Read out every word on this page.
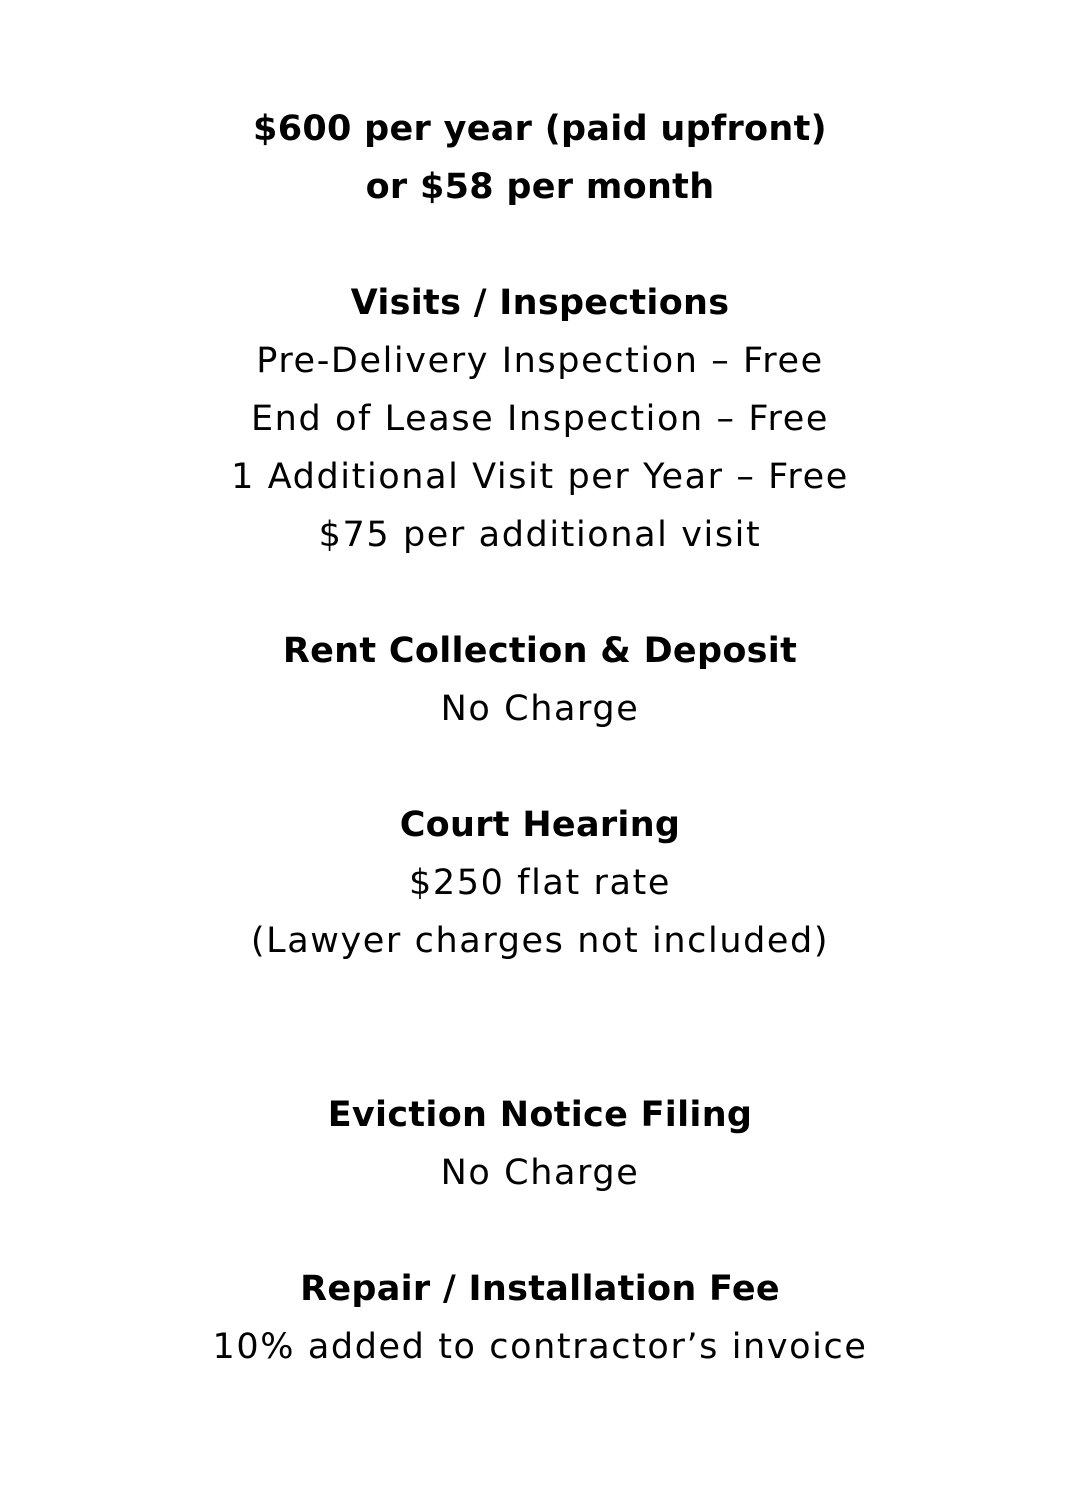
$600 per year (paid upfront)
or $58 per month
Visits / Inspections
Pre-Delivery Inspection – Free
End of Lease Inspection – Free
1 Additional Visit per Year – Free
$75 per additional visit
Rent Collection & Deposit
No Charge
Court Hearing
$250 flat rate
(Lawyer charges not included)
Eviction Notice Filing
No Charge
Repair / Installation Fee
10% added to contractor’s invoice
